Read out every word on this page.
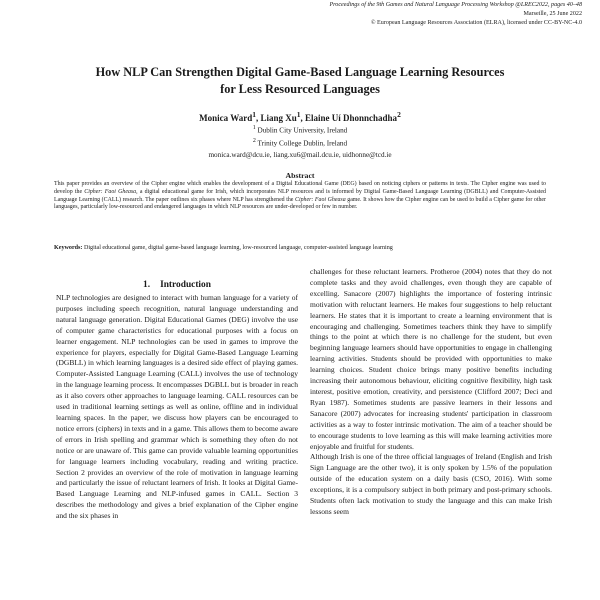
Proceedings of the 9th Games and Natural Language Processing Workshop @LREC2022, pages 40–48
Marseille, 25 June 2022
© European Language Resources Association (ELRA), licensed under CC-BY-NC-4.0
How NLP Can Strengthen Digital Game-Based Language Learning Resources
for Less Resourced Languages
Monica Ward$^1$, Liang Xu$^1$, Elaine Uí Dhonnchadha$^2$
$^1$ Dublin City University, Ireland
$^2$ Trinity College Dublin, Ireland
monica.ward@dcu.ie, liang.xu6@mail.dcu.ie, uidhonne@tcd.ie
Abstract
This paper provides an overview of the Cipher engine which enables the development of a Digital Educational Game (DEG) based on noticing ciphers or patterns in texts. The Cipher engine was used to develop the Cipher: Faoi Gheasa, a digital educational game for Irish, which incorporates NLP resources and is informed by Digital Game-Based Language Learning (DGBLL) and Computer-Assisted Language Learning (CALL) research. The paper outlines six phases where NLP has strengthened the Cipher: Faoi Gheasa game. It shows how the Cipher engine can be used to build a Cipher game for other languages, particularly low-resourced and endangered languages in which NLP resources are under-developed or few in number.
Keywords: Digital educational game, digital game-based language learning, low-resourced language, computer-assisted language learning
1. Introduction

NLP technologies are designed to interact with human language for a variety of purposes including speech recognition, natural language understanding and natural language generation. Digital Educational Games (DEG) involve the use of computer game characteristics for educational purposes with a focus on learner engagement. NLP technologies can be used in games to improve the experience for players, especially for Digital Game-Based Language Learning (DGBLL) in which learning languages is a desired side effect of playing games. Computer-Assisted Language Learning (CALL) involves the use of technology in the language learning process. It encompasses DGBLL but is broader in reach as it also covers other approaches to language learning. CALL resources can be used in traditional learning settings as well as online, offline and in individual learning spaces. In the paper, we discuss how players can be encouraged to notice errors (ciphers) in texts and in a game. This allows them to become aware of errors in Irish spelling and grammar which is something they often do not notice or are unaware of. This game can provide valuable learning opportunities for language learners including vocabulary, reading and writing practice. Section 2 provides an overview of the role of motivation in language learning and particularly the issue of reluctant learners of Irish. It looks at Digital Game-Based Language Learning and NLP-infused games in CALL. Section 3 describes the methodology and gives a brief explanation of the Cipher engine and the six phases in

challenges for these reluctant learners. Protheroe (2004) notes that they do not complete tasks and they avoid challenges, even though they are capable of excelling. Sanacore (2007) highlights the importance of fostering intrinsic motivation with reluctant learners. He makes four suggestions to help reluctant learners. He states that it is important to create a learning environment that is encouraging and challenging. Sometimes teachers think they have to simplify things to the point at which there is no challenge for the student, but even beginning language learners should have opportunities to engage in challenging learning activities. Students should be provided with opportunities to make learning choices. Student choice brings many positive benefits including increasing their autonomous behaviour, eliciting cognitive flexibility, high task interest, positive emotion, creativity, and persistence (Clifford 2007; Deci and Ryan 1987). Sometimes students are passive learners in their lessons and Sanacore (2007) advocates for increasing students' participation in classroom activities as a way to foster intrinsic motivation. The aim of a teacher should be to encourage students to love learning as this will make learning activities more enjoyable and fruitful for students.

Although Irish is one of the three official languages of Ireland (English and Irish Sign Language are the other two), it is only spoken by 1.5% of the population outside of the education system on a daily basis (CSO, 2016). With some exceptions, it is a compulsory subject in both primary and post-primary schools. Students often lack motivation to study the language and this can make Irish lessons seem
